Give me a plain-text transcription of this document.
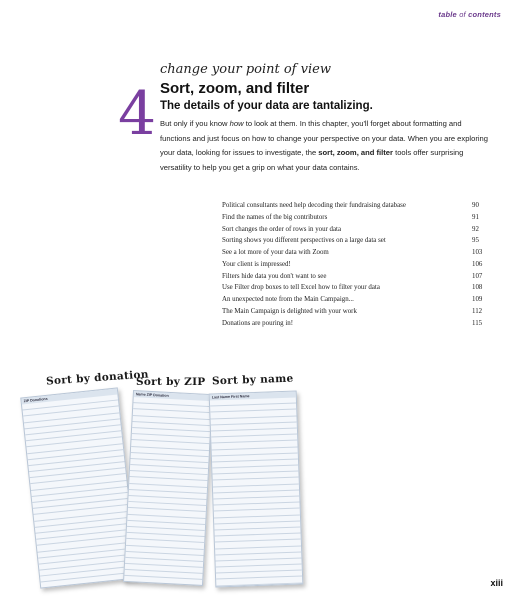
table of contents
4
change your point of view
Sort, zoom, and filter
The details of your data are tantalizing.
But only if you know how to look at them. In this chapter, you'll forget about formatting and functions and just focus on how to change your perspective on your data. When you are exploring your data, looking for issues to investigate, the sort, zoom, and filter tools offer surprising versatility to help you get a grip on what your data contains.
Political consultants need help decoding their fundraising database	90
Find the names of the big contributors	91
Sort changes the order of rows in your data	92
Sorting shows you different perspectives on a large data set	95
See a lot more of your data with Zoom	103
Your client is impressed!	106
Filters hide data you don't want to see	107
Use Filter drop boxes to tell Excel how to filter your data	108
An unexpected note from the Main Campaign...	109
The Main Campaign is delighted with your work	112
Donations are pouring in!	115
Sort by donation
Sort by ZIP Sort by name
ZIP Donations
Name ZIP Donation	Last Name First Name
xiii
